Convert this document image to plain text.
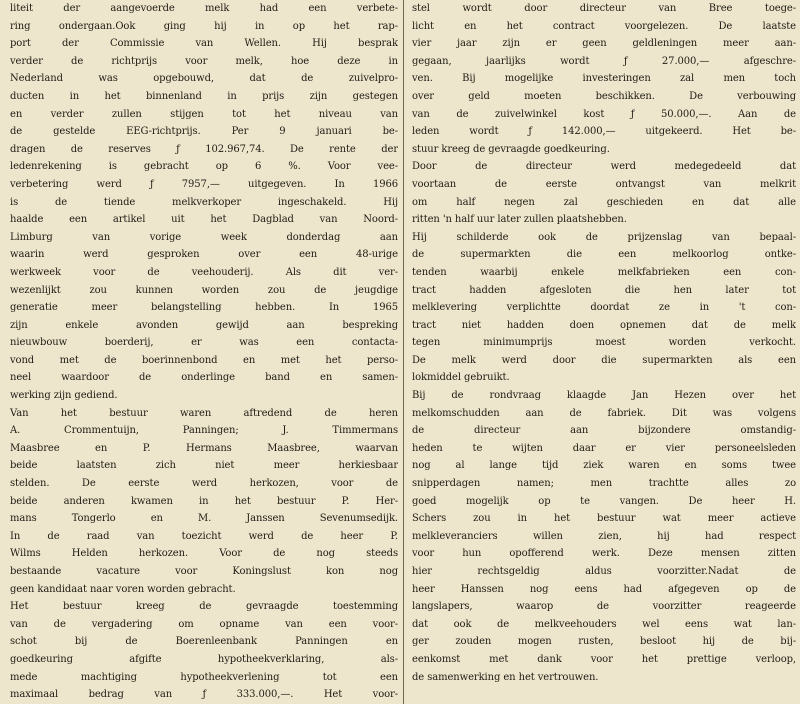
liteit der aangevoerde melk had een verbete-
ring ondergaan.Ook ging hij in op het rap-
port der Commissie van Wellen. Hij besprak
verder de richtprijs voor melk, hoe deze in
Nederland was opgebouwd, dat de zuivelpro-
ducten in het binnenland in prijs zijn gestegen
en verder zullen stijgen tot het niveau van
de gestelde EEG-richtprijs. Per 9 januari be-
dragen de reserves ƒ 102.967,74. De rente der
ledenrekening is gebracht op 6 %. Voor vee-
verbetering werd ƒ 7957,— uitgegeven. In 1966
is de tiende melkverkoper ingeschakeld. Hij
haalde een artikel uit het Dagblad van Noord-
Limburg van vorige week donderdag aan
waarin werd gesproken over een 48-urige
werkweek voor de veehouderij. Als dit ver-
wezenlijkt zou kunnen worden zou de jeugdige
generatie meer belangstelling hebben. In 1965
zijn enkele avonden gewijd aan bespreking
nieuwbouw boerderij, er was een contacta-
vond met de boerinnenbond en met het perso-
neel waardoor de onderlinge band en samen-
werking zijn gediend.
Van het bestuur waren aftredend de heren
A. Crommentuijn, Panningen; J. Timmermans
Maasbree en P. Hermans Maasbree, waarvan
beide laatsten zich niet meer herkiesbaar
stelden. De eerste werd herkozen, voor de
beide anderen kwamen in het bestuur P. Her-
mans Tongerlo en M. Janssen Sevenumsedijk.
In de raad van toezicht werd de heer P.
Wilms Helden herkozen. Voor de nog steeds
bestaande vacature voor Koningslust kon nog
geen kandidaat naar voren worden gebracht.
Het bestuur kreeg de gevraagde toestemming
van de vergadering om opname van een voor-
schot bij de Boerenleenbank Panningen en
goedkeuring afgifte hypotheekverklaring, als-
mede machtiging hypotheekverlening tot een
maximaal bedrag van ƒ 333.000,—. Het voor-
stel wordt door directeur van Bree toege-
licht en het contract voorgelezen. De laatste
vier jaar zijn er geen geldleningen meer aan-
gegaan, jaarlijks wordt ƒ 27.000,— afgeschre-
ven. Bij mogelijke investeringen zal men toch
over geld moeten beschikken. De verbouwing
van de zuivelwinkel kost ƒ 50.000,—. Aan de
leden wordt ƒ 142.000,— uitgekeerd. Het be-
stuur kreeg de gevraagde goedkeuring.
Door de directeur werd medegedeeld dat
voortaan de eerste ontvangst van melkrit
om half negen zal geschieden en dat alle
ritten 'n half uur later zullen plaatshebben.
Hij schilderde ook de prijzenslag van bepaal-
de supermarkten die een melkoorlog ontke-
tenden waarbij enkele melkfabrieken een con-
tract hadden afgesloten die hen later tot
melklevering verplichtte doordat ze in 't con-
tract niet hadden doen opnemen dat de melk
tegen minimumprijs moest worden verkocht.
De melk werd door die supermarkten als een
lokmiddel gebruikt.
Bij de rondvraag klaagde Jan Hezen over het
melkomschudden aan de fabriek. Dit was volgens
de directeur aan bijzondere omstandig-
heden te wijten daar er vier personeelsleden
nog al lange tijd ziek waren en soms twee
snipperdagen namen; men trachtte alles zo
goed mogelijk op te vangen. De heer H.
Schers zou in het bestuur wat meer actieve
melkleveranciers willen zien, hij had respect
voor hun opofferend werk. Deze mensen zitten
hier rechtsgeldig aldus voorzitter.Nadat de
heer Hanssen nog eens had afgegeven op de
langslapers, waarop de voorzitter reageerde
dat ook de melkveehouders wel eens wat lan-
ger zouden mogen rusten, besloot hij de bij-
eenkomst met dank voor het prettige verloop,
de samenwerking en het vertrouwen.
